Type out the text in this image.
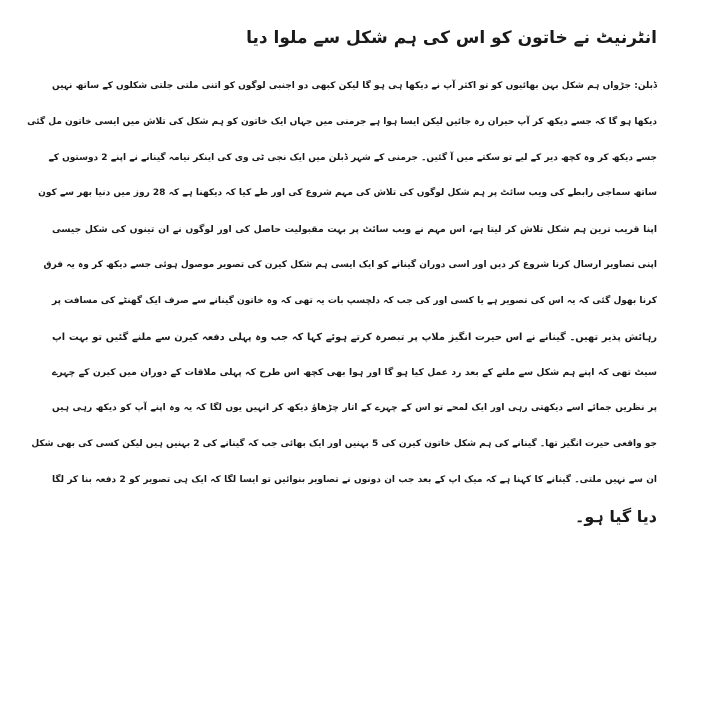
انٹرنیٹ نے خاتون کو اس کی ہم شکل سے ملوا دیا
ڈبلن: جڑواں ہم شکل بہن بھائیوں کو تو اکثر آپ نے دیکھا ہی ہو گا لیکن کبھی دو اجنبی لوگوں کو اتنی ملتی جلتی شکلوں کے ساتھ نہیں
دیکھا ہو گا کہ جسے دیکھ کر آپ حیران رہ جائیں لیکن ایسا ہوا ہے جرمنی میں جہاں ایک خاتون کو ہم شکل کی تلاش میں ایسی خاتون مل گئی
جسے دیکھ کر وہ کچھ دیر کے لیے تو سکتے میں آ گئیں۔ جرمنی کے شہر ڈبلن میں ایک نجی ٹی وی کی اینکر نیامہ گینانے نے اپنے 2 دوستوں کے
ساتھ سماجی رابطے کی ویب سائٹ پر ہم شکل لوگوں کی تلاش کی مہم شروع کی اور طے کیا کہ دیکھنا ہے کہ 28 روز میں دنیا بھر سے کون
اپنا قریب ترین ہم شکل تلاش کر لیتا ہے، اس مہم نے ویب سائٹ پر بہت مقبولیت حاصل کی اور لوگوں نے ان تینوں کی شکل جیسی
اپنی تصاویر ارسال کرنا شروع کر دیں اور اسی دوران گینانے کو ایک ایسی ہم شکل کیرن کی تصویر موصول ہوئی جسے دیکھ کر وہ یہ فرق
کرنا بھول گئی کہ یہ اس کی تصویر ہے یا کسی اور کی جب کہ دلچسپ بات یہ تھی کہ وہ خاتون گینانے سے صرف ایک گھنٹے کی مسافت پر
رہائش پذیر تھیں۔ گینانے نے اس حیرت انگیز ملاپ پر تبصرہ کرتے ہوئے کہا کہ جب وہ پہلی دفعہ کیرن سے ملنے گئیں تو بہت اپ
سیٹ تھی کہ اپنے ہم شکل سے ملنے کے بعد رد عمل کیا ہو گا اور ہوا بھی کچھ اس طرح کہ پہلی ملاقات کے دوران میں کیرن کے چہرے
پر نظریں جمائے اسے دیکھتی رہی اور ایک لمحے تو اس کے چہرے کے اتار چڑھاؤ دیکھ کر انہیں یوں لگا کہ یہ وہ اپنے آپ کو دیکھ رہی ہیں
جو واقعی حیرت انگیز تھا۔ گینانے کی ہم شکل خاتون کیرن کی 5 بہنیں اور ایک بھائی جب کہ گینانے کی 2 بہنیں ہیں لیکن کسی کی بھی شکل
ان سے نہیں ملتی۔ گینانے کا کہنا ہے کہ میک اپ کے بعد جب ان دونوں نے تصاویر بنوائیں تو ایسا لگا کہ ایک ہی تصویر کو 2 دفعہ بنا کر لگا
دیا گیا ہو۔
